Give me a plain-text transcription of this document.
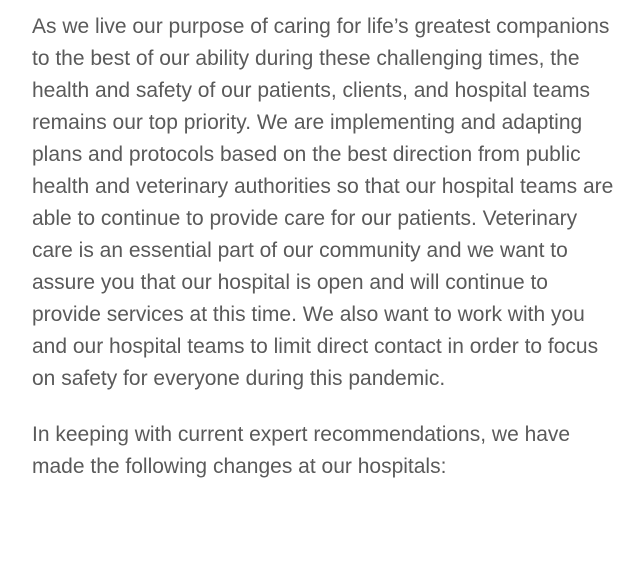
As we live our purpose of caring for life’s greatest companions to the best of our ability during these challenging times, the health and safety of our patients, clients, and hospital teams remains our top priority. We are implementing and adapting plans and protocols based on the best direction from public health and veterinary authorities so that our hospital teams are able to continue to provide care for our patients. Veterinary care is an essential part of our community and we want to assure you that our hospital is open and will continue to provide services at this time. We also want to work with you and our hospital teams to limit direct contact in order to focus on safety for everyone during this pandemic.

In keeping with current expert recommendations, we have made the following changes at our hospitals:
